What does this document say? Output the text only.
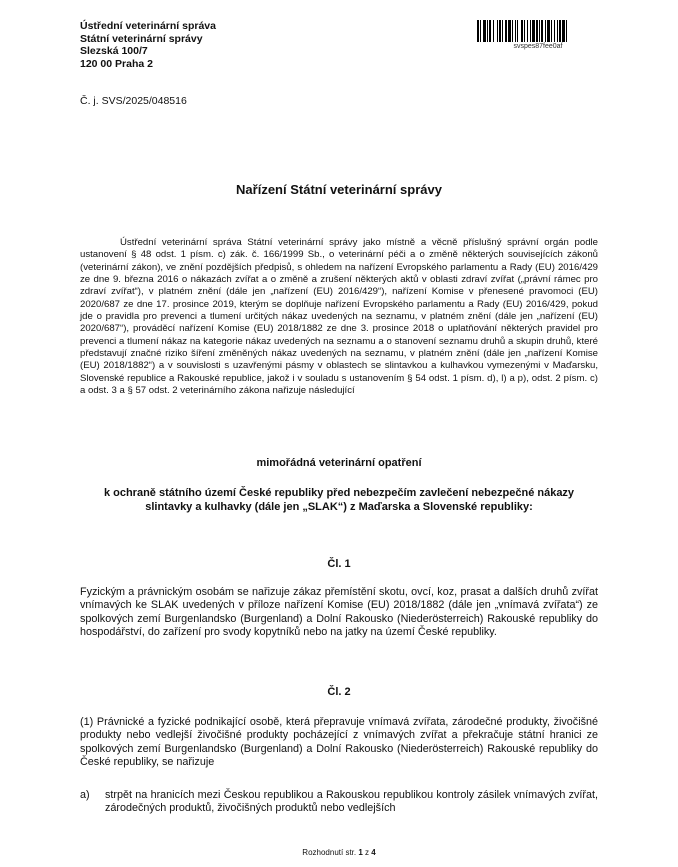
Ústřední veterinární správa
Státní veterinární správy
Slezská 100/7
120 00 Praha 2
svspes87fee0af
Č. j. SVS/2025/048516
Nařízení Státní veterinární správy
Ústřední veterinární správa Státní veterinární správy jako místně a věcně příslušný správní orgán podle ustanovení § 48 odst. 1 písm. c) zák. č. 166/1999 Sb., o veterinární péči a o změně některých souvisejících zákonů (veterinární zákon), ve znění pozdějších předpisů, s ohledem na nařízení Evropského parlamentu a Rady (EU) 2016/429 ze dne 9. března 2016 o nákazách zvířat a o změně a zrušení některých aktů v oblasti zdraví zvířat („právní rámec pro zdraví zvířat“), v platném znění (dále jen „nařízení (EU) 2016/429“), nařízení Komise v přenesené pravomoci (EU) 2020/687 ze dne 17. prosince 2019, kterým se doplňuje nařízení Evropského parlamentu a Rady (EU) 2016/429, pokud jde o pravidla pro prevenci a tlumení určitých nákaz uvedených na seznamu, v platném znění (dále jen „nařízení (EU) 2020/687“), prováděcí nařízení Komise (EU) 2018/1882 ze dne 3. prosince 2018 o uplatňování některých pravidel pro prevenci a tlumení nákaz na kategorie nákaz uvedených na seznamu a o stanovení seznamu druhů a skupin druhů, které představují značné riziko šíření změněných nákaz uvedených na seznamu, v platném znění (dále jen „nařízení Komise (EU) 2018/1882“) a v souvislosti s uzavřenými pásmy v oblastech se slintavkou a kulhavkou vymezenými v Maďarsku, Slovenské republice a Rakouské republice, jakož i v souladu s ustanovením § 54 odst. 1 písm. d), l) a p), odst. 2 písm. c) a odst. 3 a § 57 odst. 2 veterinárního zákona nařizuje následující
mimořádná veterinární opatření
k ochraně státního území České republiky před nebezpečím zavlečení nebezpečné nákazy slintavky a kulhavky (dále jen „SLAK“) z Maďarska a Slovenské republiky:
Čl. 1
Fyzickým a právnickým osobám se nařizuje zákaz přemístění skotu, ovcí, koz, prasat a dalších druhů zvířat vnímavých ke SLAK uvedených v příloze nařízení Komise (EU) 2018/1882 (dále jen „vnímavá zvířata“) ze spolkových zemí Burgenlandsko (Burgenland) a Dolní Rakousko (Niederösterreich) Rakouské republiky do hospodářství, do zařízení pro svody kopytníků nebo na jatky na území České republiky.
Čl. 2
(1) Právnické a fyzické podnikající osobě, která přepravuje vnímavá zvířata, zárodečné produkty, živočišné produkty nebo vedlejší živočišné produkty pocházející z vnímavých zvířat a překračuje státní hranici ze spolkových zemí Burgenlandsko (Burgenland) a Dolní Rakousko (Niederösterreich) Rakouské republiky do České republiky, se nařizuje
a) strpět na hranicích mezi Českou republikou a Rakouskou republikou kontroly zásilek vnímavých zvířat, zárodečných produktů, živočišných produktů nebo vedlejších
Rozhodnutí str. 1 z 4
